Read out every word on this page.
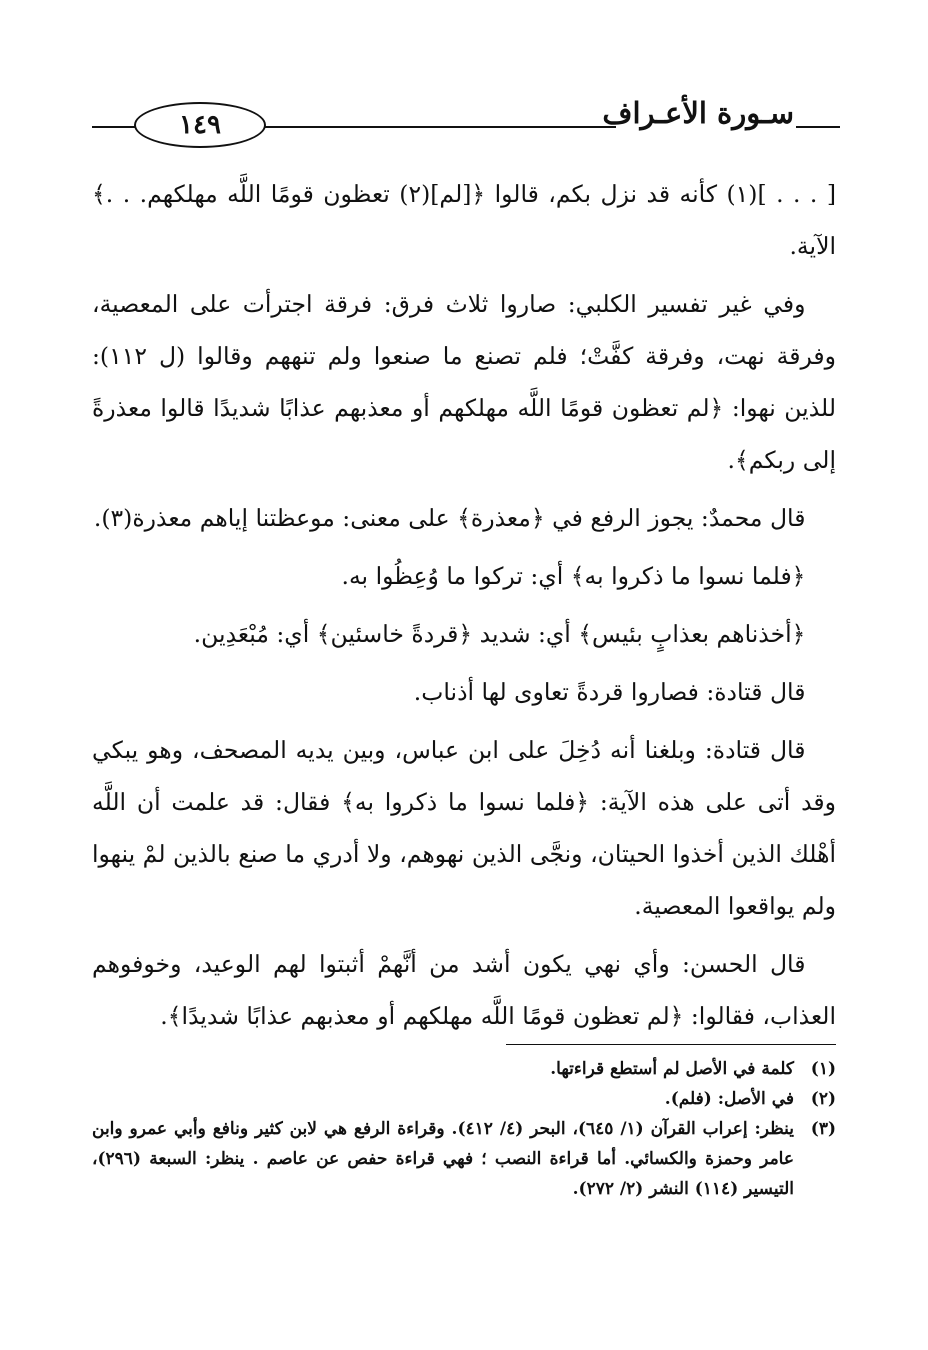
١٤٩	سـورة الأعـراف

[ . . . ](١) كأنه قد نزل بكم، قالوا ﴿[لم](٢) تعظون قومًا اللَّه مهلكهم. . .﴾ الآية.

وفي غير تفسير الكلبي: صاروا ثلاث فرق: فرقة اجترأت على المعصية، وفرقة نهت، وفرقة كفَّتْ؛ فلم تصنع ما صنعوا ولم تنههم وقالوا (ل ١١٢): للذين نهوا: ﴿لم تعظون قومًا اللَّه مهلكهم أو معذبهم عذابًا شديدًا قالوا معذرةً إلى ربكم﴾.

قال محمدٌ: يجوز الرفع في ﴿معذرة﴾ على معنى: موعظتنا إياهم معذرة(٣).

﴿فلما نسوا ما ذكروا به﴾ أي: تركوا ما وُعِظُوا به.

﴿أخذناهم بعذابٍ بئيس﴾ أي: شديد ﴿قردةً خاسئين﴾ أي: مُبْعَدِين.

قال قتادة: فصاروا قردةً تعاوى لها أذناب.

قال قتادة: وبلغنا أنه دُخِلَ على ابن عباس، وبين يديه المصحف، وهو يبكي وقد أتى على هذه الآية: ﴿فلما نسوا ما ذكروا به﴾ فقال: قد علمت أن اللَّه أهْلك الذين أخذوا الحيتان، ونجَّى الذين نهوهم، ولا أدري ما صنع بالذين لمْ ينهوا ولم يواقعوا المعصية.

قال الحسن: وأي نهي يكون أشد من أنَّهمْ أثبتوا لهم الوعيد، وخوفوهم العذاب، فقالوا: ﴿لم تعظون قومًا اللَّه مهلكهم أو معذبهم عذابًا شديدًا﴾.

(١)
كلمة في الأصل لم أستطع قراءتها.
(٢)
في الأصل: (فلم).
(٣)
ينظر: إعراب القرآن (١/ ٦٤٥)، البحر (٤/ ٤١٢). وقراءة الرفع هي لابن كثير ونافع وأبي عمرو وابن عامر وحمزة والكسائي. أما قراءة النصب ؛ فهي قراءة حفص عن عاصم . ينظر: السبعة (٢٩٦)، التيسير (١١٤) النشر (٢/ ٢٧٢).
